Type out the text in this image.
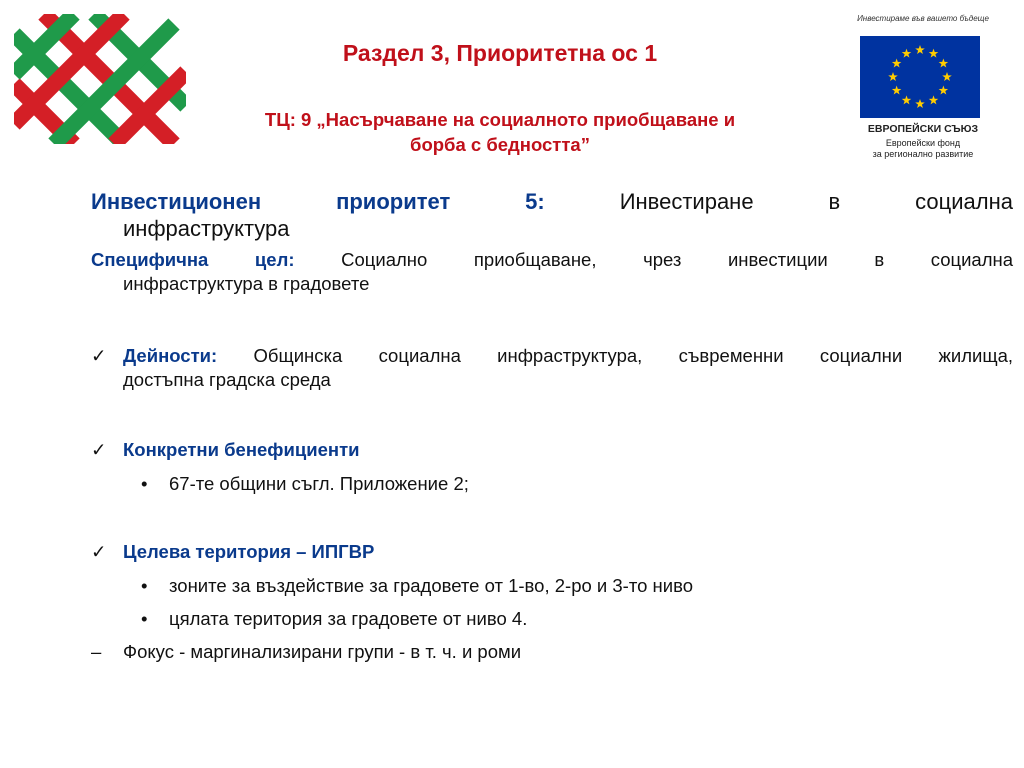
Раздел 3, Приоритетна ос 1
ТЦ: 9 „Насърчаване на социалното приобщаване и
борба с бедността”
Инвестираме във вашето бъдеще
ЕВРОПЕЙСКИ СЪЮЗ
Европейски фонд
за регионално развитие
Инвестиционен приоритет 5:	Инвестиране в социална
инфраструктура
Специфична цел:	Социално приобщаване, чрез инвестиции в социална
инфраструктура в градовете
✓ Дейности: Общинска социална инфраструктура, съвременни социални жилища,
достъпна градска среда
✓ Конкретни бенефициенти
• 67-те общини съгл. Приложение 2;
✓ Целева територия – ИПГВР
• зоните за въздействие за градовете от 1-во, 2-ро и 3-то ниво
• цялата територия за градовете от ниво 4.
– Фокус - маргинализирани групи - в т. ч. и роми
